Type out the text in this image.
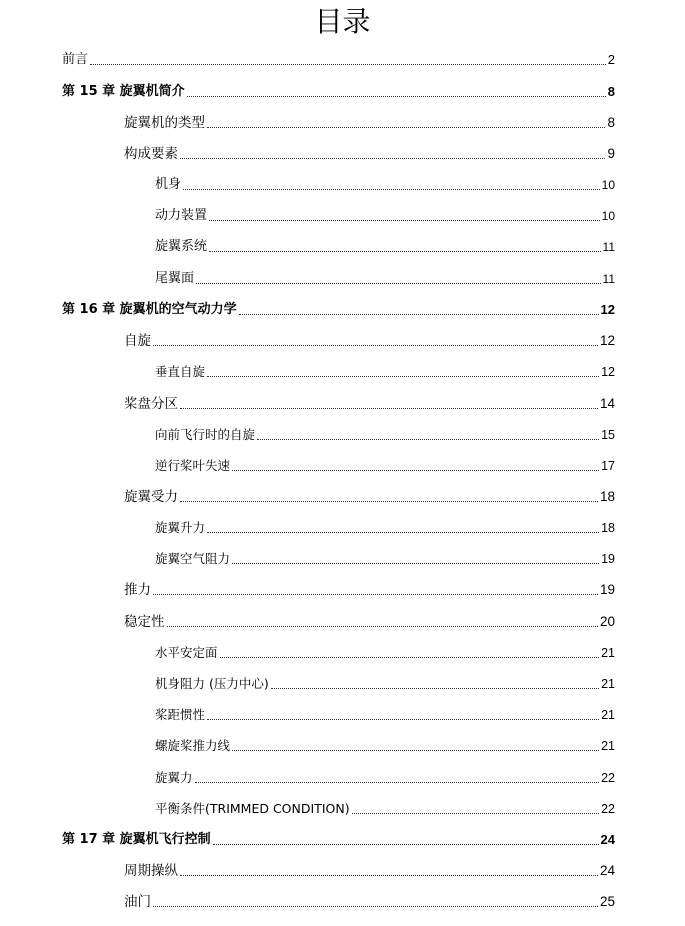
目录
前言	2
第 15 章 旋翼机简介	8
旋翼机的类型	8
构成要素	9
机身	10
动力装置	10
旋翼系统	11
尾翼面	11
第 16 章 旋翼机的空气动力学	12
自旋	12
垂直自旋	12
桨盘分区	14
向前飞行时的自旋	15
逆行桨叶失速	17
旋翼受力	18
旋翼升力	18
旋翼空气阻力	19
推力	19
稳定性	20
水平安定面	21
机身阻力 (压力中心)	21
桨距惯性	21
螺旋桨推力线	21
旋翼力	22
平衡条件(TRIMMED CONDITION)	22
第 17 章 旋翼机飞行控制	24
周期操纵	24
油门	25
